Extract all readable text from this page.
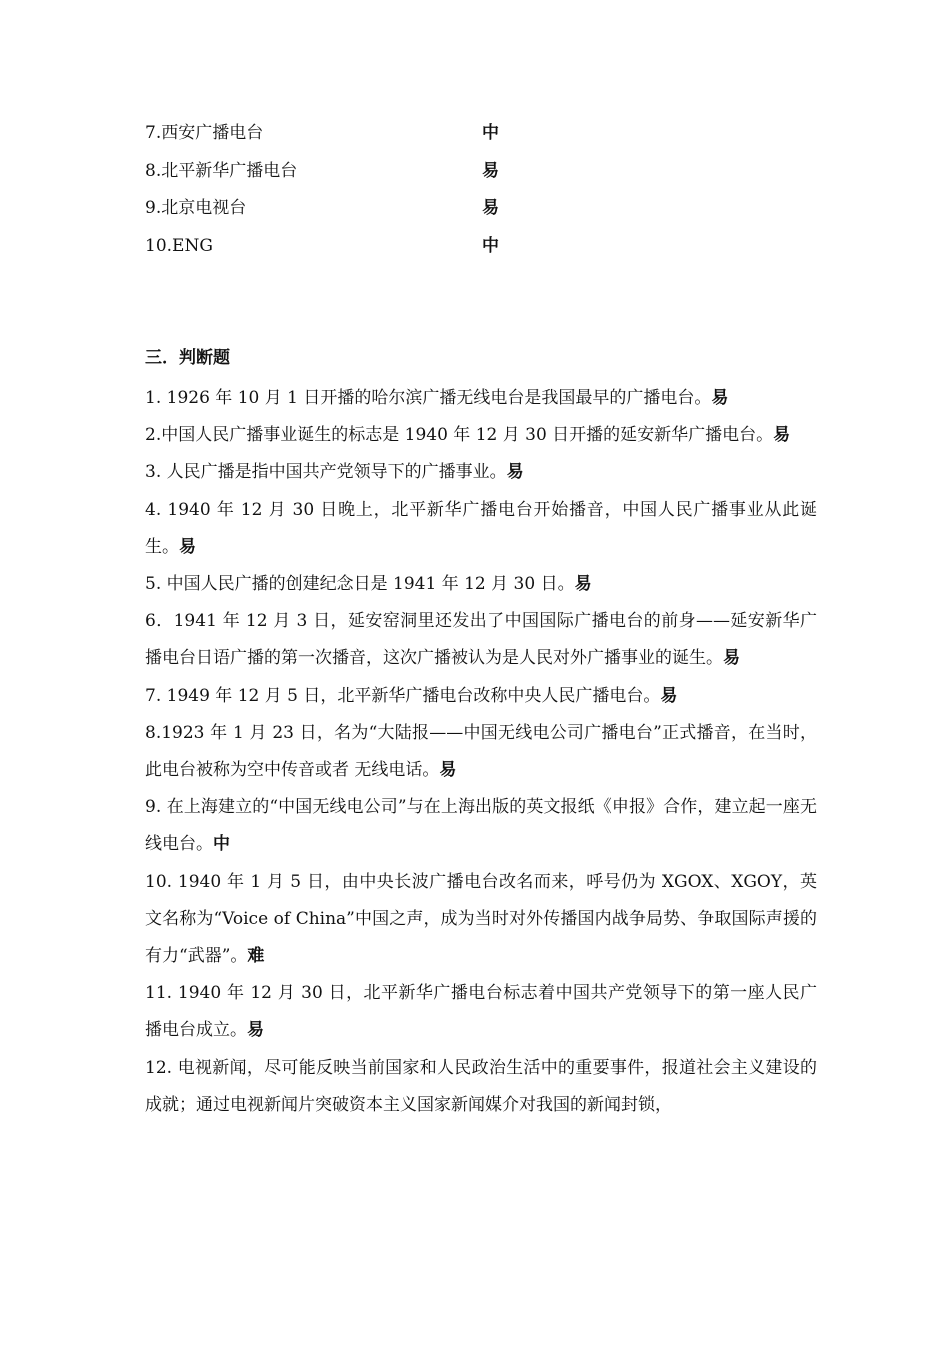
7.西安广播电台	中
8.北平新华广播电台	易
9.北京电视台	易
10.ENG	中
三．判断题
1. 1926 年 10 月 1 日开播的哈尔滨广播无线电台是我国最早的广播电台。易
2.中国人民广播事业诞生的标志是 1940 年 12 月 30 日开播的延安新华广播电台。易
3. 人民广播是指中国共产党领导下的广播事业。易
4. 1940 年 12 月 30 日晚上，北平新华广播电台开始播音，中国人民广播事业从此诞生。易
5. 中国人民广播的创建纪念日是 1941 年 12 月 30 日。易
6．1941 年 12 月 3 日，延安窑洞里还发出了中国国际广播电台的前身——延安新华广播电台日语广播的第一次播音，这次广播被认为是人民对外广播事业的诞生。易
7. 1949 年 12 月 5 日，北平新华广播电台改称中央人民广播电台。易
8.1923 年 1 月 23 日，名为“大陆报——中国无线电公司广播电台”正式播音，在当时，此电台被称为空中传音或者 无线电话。易
9. 在上海建立的“中国无线电公司”与在上海出版的英文报纸《申报》合作，建立起一座无线电台。中
10. 1940 年 1 月 5 日，由中央长波广播电台改名而来，呼号仍为 XGOX、XGOY，英文名称为“Voice of China”中国之声，成为当时对外传播国内战争局势、争取国际声援的有力“武器”。难
11. 1940 年 12 月 30 日，北平新华广播电台标志着中国共产党领导下的第一座人民广播电台成立。易
12. 电视新闻，尽可能反映当前国家和人民政治生活中的重要事件，报道社会主义建设的成就；通过电视新闻片突破资本主义国家新闻媒介对我国的新闻封锁，
